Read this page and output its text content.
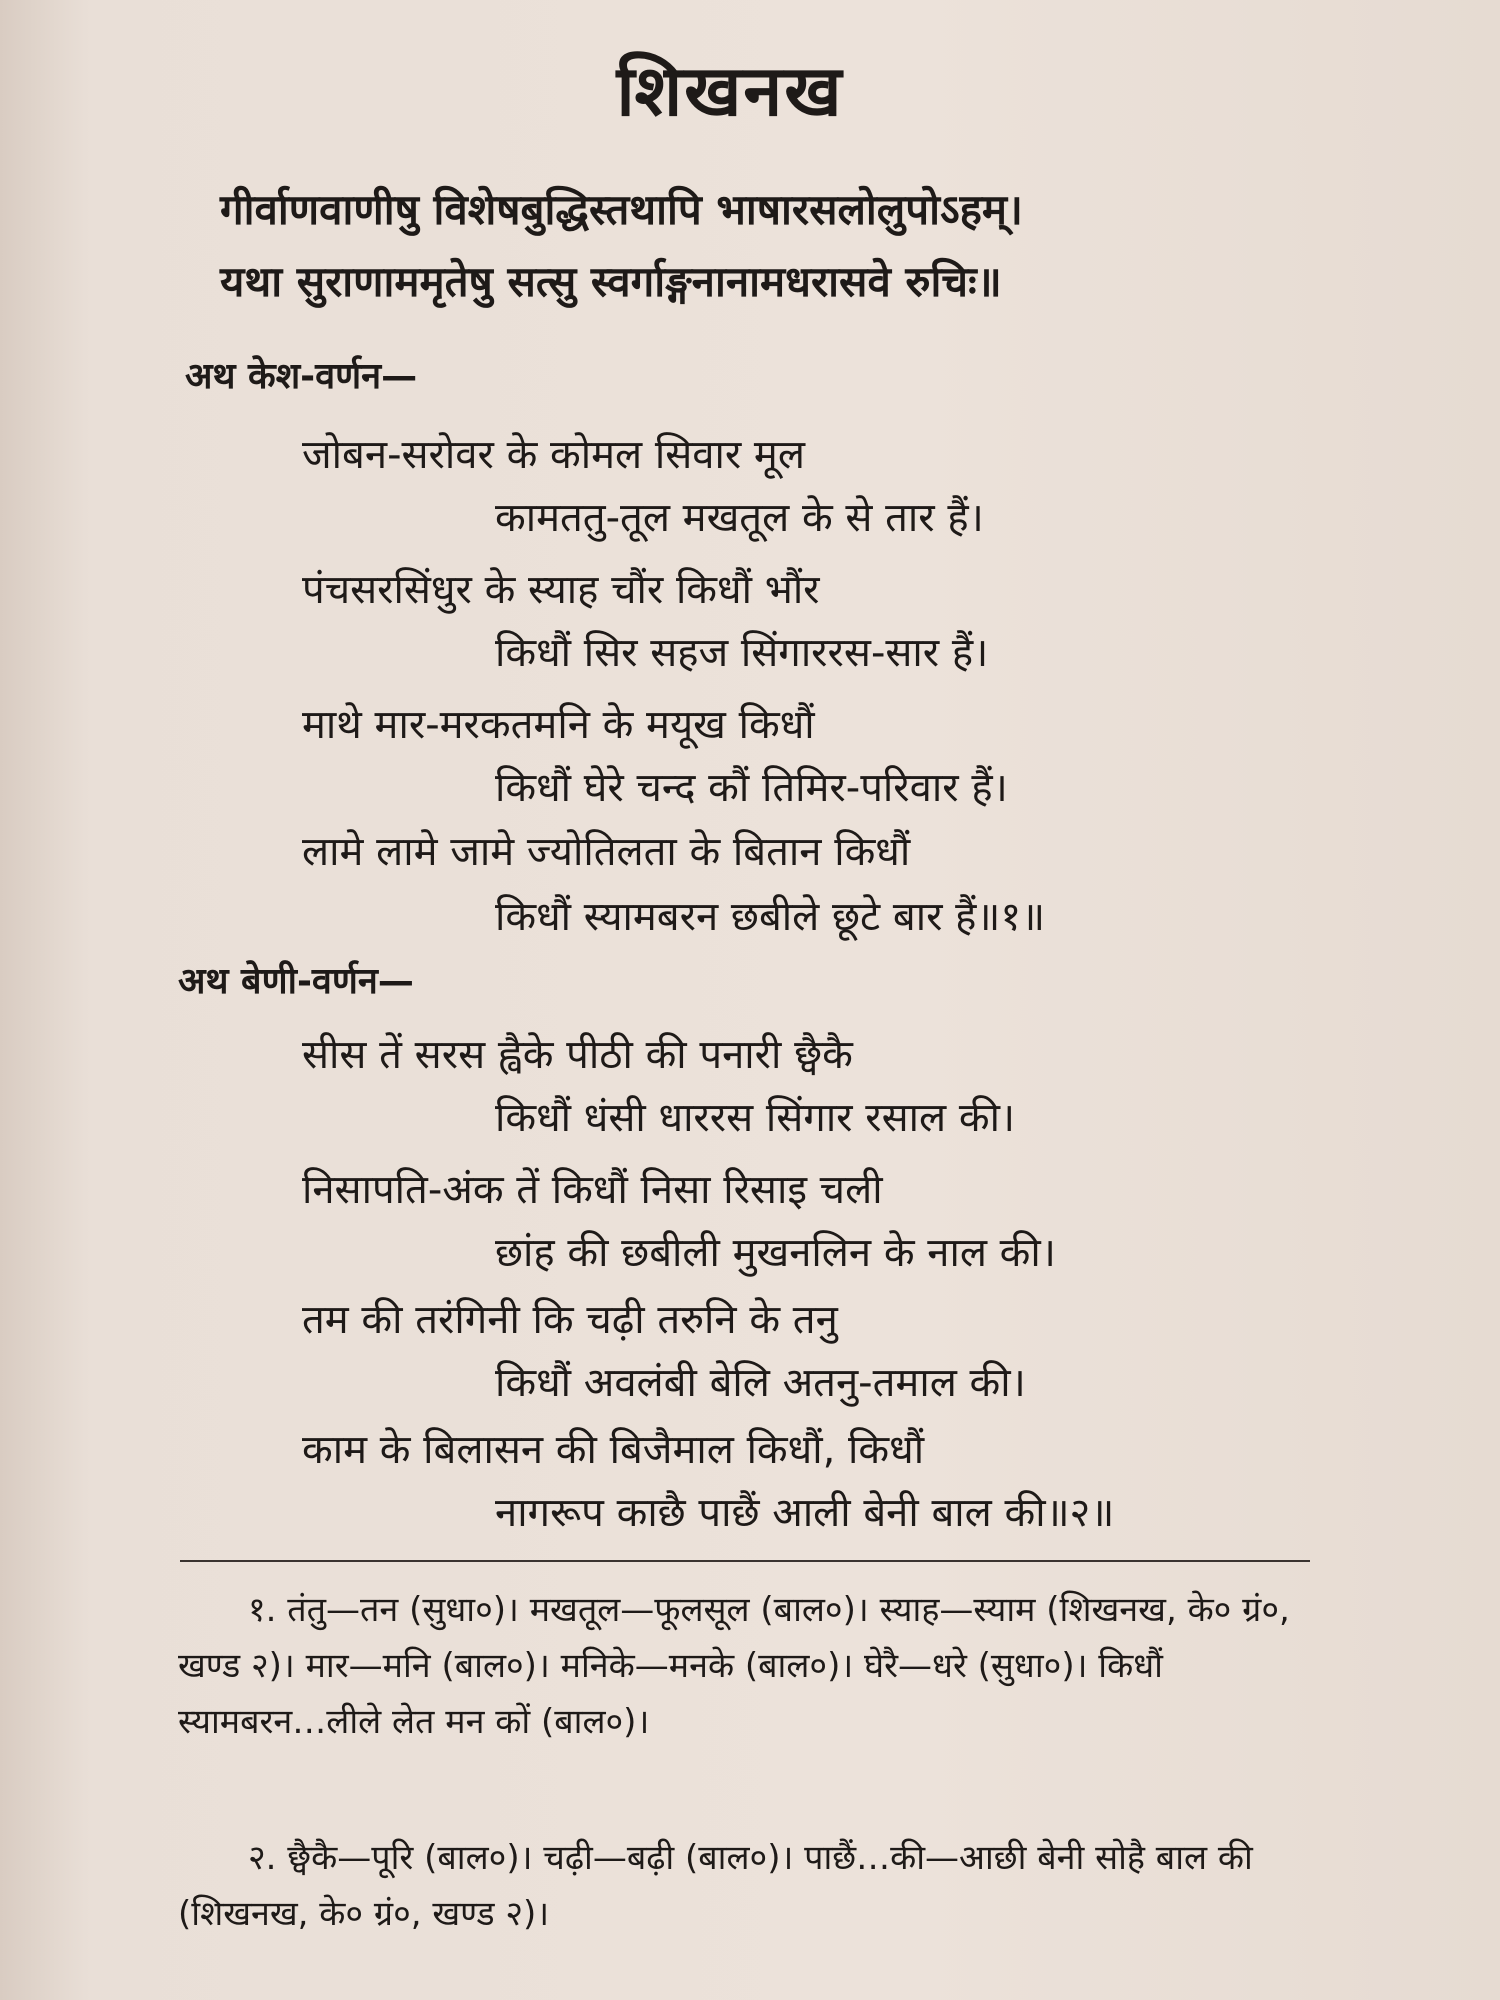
शिखनख
गीर्वाणवाणीषु विशेषबुद्धिस्तथापि भाषारसलोलुपोऽहम्।
यथा सुराणाममृतेषु सत्सु स्वर्गाङ्गनानामधरासवे रुचिः॥
अथ केश-वर्णन—
जोबन-सरोवर के कोमल सिवार मूल
कामततु-तूल मखतूल के से तार हैं।
पंचसरसिंधुर के स्याह चौंर किधौं भौंर
किधौं सिर सहज सिंगाररस-सार हैं।
माथे मार-मरकतमनि के मयूख किधौं
किधौं घेरे चन्द कौं तिमिर-परिवार हैं।
लामे लामे जामे ज्योतिलता के बितान किधौं
किधौं स्यामबरन छबीले छूटे बार हैं॥१॥
अथ बेणी-वर्णन—
सीस तें सरस ह्वैके पीठी की पनारी छ्वैकै
किधौं धंसी धाररस सिंगार रसाल की।
निसापति-अंक तें किधौं निसा रिसाइ चली
छांह की छबीली मुखनलिन के नाल की।
तम की तरंगिनी कि चढ़ी तरुनि के तनु
किधौं अवलंबी बेलि अतनु-तमाल की।
काम के बिलासन की बिजैमाल किधौं, किधौं
नागरूप काछै पाछैं आली बेनी बाल की॥२॥
१. तंतु—तन (सुधा०)। मखतूल—फूलसूल (बाल०)। स्याह—स्याम (शिखनख, के० ग्रं०, खण्ड २)। मार—मनि (बाल०)। मनिके—मनके (बाल०)। घेरै—धरे (सुधा०)। किधौं स्यामबरन…लीले लेत मन कों (बाल०)।
२. छ्वैकै—पूरि (बाल०)। चढ़ी—बढ़ी (बाल०)। पाछैं…की—आछी बेनी सोहै बाल की (शिखनख, के० ग्रं०, खण्ड २)।
